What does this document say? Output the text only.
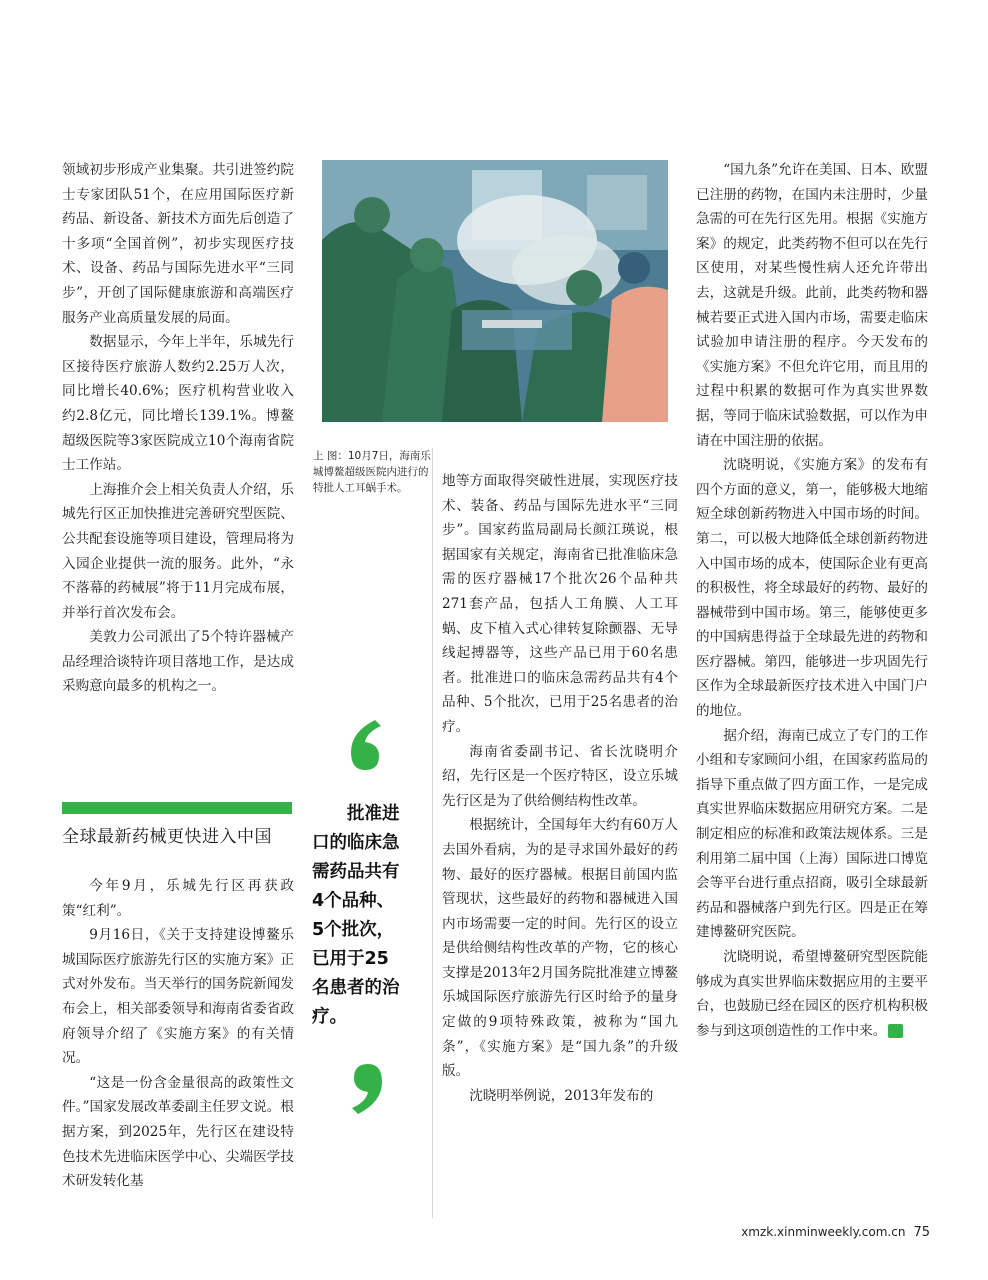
领域初步形成产业集聚。共引进签约院士专家团队51个，在应用国际医疗新药品、新设备、新技术方面先后创造了十多项“全国首例”，初步实现医疗技术、设备、药品与国际先进水平“三同步”，开创了国际健康旅游和高端医疗服务产业高质量发展的局面。

数据显示，今年上半年，乐城先行区接待医疗旅游人数约2.25万人次，同比增长40.6%；医疗机构营业收入约2.8亿元，同比增长139.1%。博鳌超级医院等3家医院成立10个海南省院士工作站。

上海推介会上相关负责人介绍，乐城先行区正加快推进完善研究型医院、公共配套设施等项目建设，管理局将为入园企业提供一流的服务。此外，“永不落幕的药械展”将于11月完成布展，并举行首次发布会。

美敦力公司派出了5个特许器械产品经理洽谈特许项目落地工作，是达成采购意向最多的机构之一。

全球最新药械更快进入中国

今年9月，乐城先行区再获政策“红利”。

9月16日，《关于支持建设博鳌乐城国际医疗旅游先行区的实施方案》正式对外发布。当天举行的国务院新闻发布会上，相关部委领导和海南省委省政府领导介绍了《实施方案》的有关情况。

“这是一份含金量很高的政策性文件。”国家发展改革委副主任罗文说。根据方案，到2025年，先行区在建设特色技术先进临床医学中心、尖端医学技术研发转化基

上 图：10月7日，海南乐城博鳌超级医院内进行的特批人工耳蜗手术。
批准进
口的临床急
需药品共有
4个品种、
5个批次，
已用于25
名患者的治
疗。

地等方面取得突破性进展，实现医疗技术、装备、药品与国际先进水平“三同步”。国家药监局副局长颜江瑛说，根据国家有关规定，海南省已批准临床急需的医疗器械17个批次26个品种共271套产品，包括人工角膜、人工耳蜗、皮下植入式心律转复除颤器、无导线起搏器等，这些产品已用于60名患者。批准进口的临床急需药品共有4个品种、5个批次，已用于25名患者的治疗。

海南省委副书记、省长沈晓明介绍，先行区是一个医疗特区，设立乐城先行区是为了供给侧结构性改革。

根据统计，全国每年大约有60万人去国外看病，为的是寻求国外最好的药物、最好的医疗器械。根据目前国内监管现状，这些最好的药物和器械进入国内市场需要一定的时间。先行区的设立是供给侧结构性改革的产物，它的核心支撑是2013年2月国务院批准建立博鳌乐城国际医疗旅游先行区时给予的量身定做的9项特殊政策，被称为“国九条”，《实施方案》是“国九条”的升级版。

沈晓明举例说，2013年发布的

“国九条”允许在美国、日本、欧盟已注册的药物，在国内未注册时，少量急需的可在先行区先用。根据《实施方案》的规定，此类药物不但可以在先行区使用，对某些慢性病人还允许带出去，这就是升级。此前，此类药物和器械若要正式进入国内市场，需要走临床试验加申请注册的程序。今天发布的《实施方案》不但允许它用，而且用的过程中积累的数据可作为真实世界数据，等同于临床试验数据，可以作为申请在中国注册的依据。

沈晓明说，《实施方案》的发布有四个方面的意义，第一，能够极大地缩短全球创新药物进入中国市场的时间。第二，可以极大地降低全球创新药物进入中国市场的成本，使国际企业有更高的积极性，将全球最好的药物、最好的器械带到中国市场。第三，能够使更多的中国病患得益于全球最先进的药物和医疗器械。第四，能够进一步巩固先行区作为全球最新医疗技术进入中国门户的地位。

据介绍，海南已成立了专门的工作小组和专家顾问小组，在国家药监局的指导下重点做了四方面工作，一是完成真实世界临床数据应用研究方案。二是制定相应的标准和政策法规体系。三是利用第二届中国（上海）国际进口博览会等平台进行重点招商，吸引全球最新药品和器械落户到先行区。四是正在筹建博鳌研究医院。

沈晓明说，希望博鳌研究型医院能够成为真实世界临床数据应用的主要平台，也鼓励已经在园区的医疗机构积极参与到这项创造性的工作中来。	民

xmzk.xinminweekly.com.cn 75
